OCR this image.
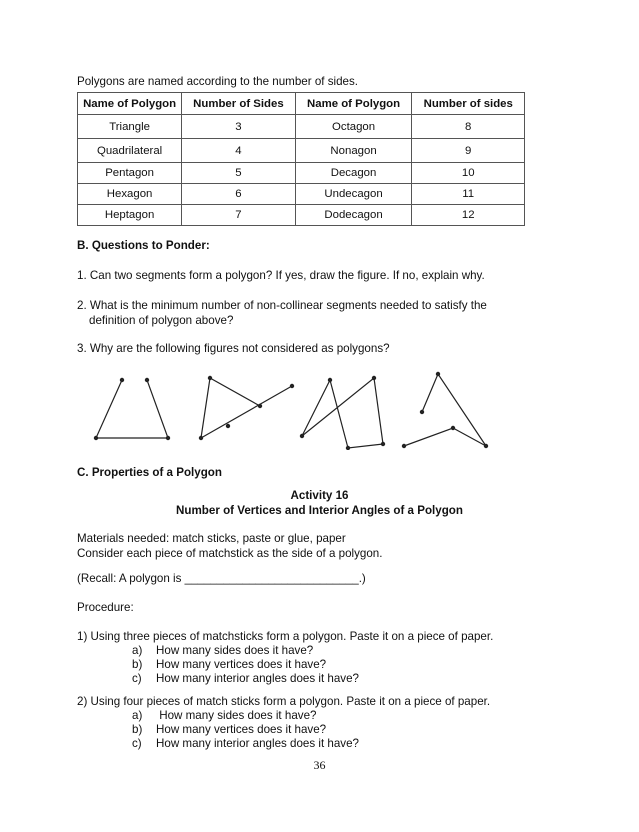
Polygons are named according to the number of sides.
Name of Polygon	Number of Sides	Name of Polygon	Number of sides
Triangle	3	Octagon	8
Quadrilateral	4	Nonagon	9
Pentagon	5	Decagon	10
Hexagon	6	Undecagon	11
Heptagon	7	Dodecagon	12
B. Questions to Ponder:
1. Can two segments form a polygon? If yes, draw the figure. If no, explain why.
2. What is the minimum number of non-collinear segments needed to satisfy the
definition of polygon above?
3. Why are the following figures not considered as polygons?
C. Properties of a Polygon
Activity 16
Number of Vertices and Interior Angles of a Polygon
Materials needed: match sticks, paste or glue, paper
Consider each piece of matchstick as the side of a polygon.
(Recall: A polygon is ___________________________.)
Procedure:
1) Using three pieces of matchsticks form a polygon. Paste it on a piece of paper.
a) How many sides does it have?
b) How many vertices does it have?
c) How many interior angles does it have?
2) Using four pieces of match sticks form a polygon. Paste it on a piece of paper.
a) How many sides does it have?
b) How many vertices does it have?
c) How many interior angles does it have?
36
